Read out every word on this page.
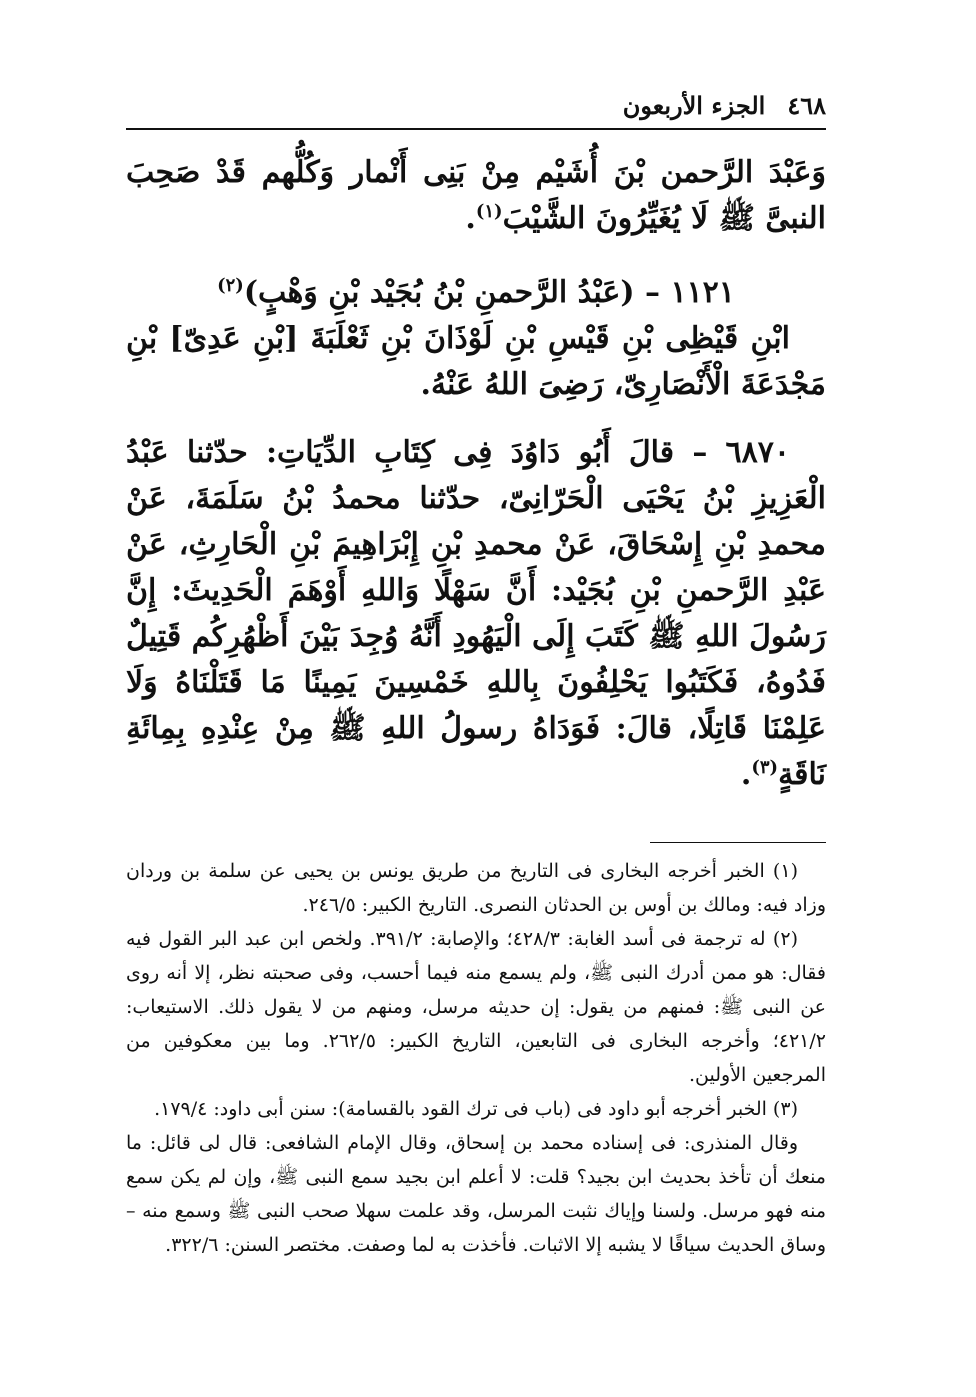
٤٦٨
الجزء الأربعون

وَعَبْدَ الرَّحمن بْنَ أُشَيْم مِنْ بَنِى أَنْمار وَكُلُّهم قَدْ صَحِبَ النبىَّ ﷺ لَا يُغَيِّرُونَ الشَّيْبَ$^{(١)}$.

١١٢١ – (عَبْدُ الرَّحمنِ بْنُ بُجَيْد بْنِ وَهْبٍ)$^{(٢)}$

ابْنِ قَيْظِى بْنِ قَيْسِ بْنِ لَوْذَانَ بْنِ ثَعْلَبَةَ [بْنِ عَدِىّ] بْنِ مَجْدَعَةَ الْأَنْصَارِىّ، رَضِىَ اللهُ عَنْهُ.

٦٨٧٠ – قالَ أَبُو دَاوُدَ فِى كِتَابِ الدِّيَاتِ: حدّثنا عَبْدُ الْعَزِيزِ بْنُ يَحْيَى الْحَرّانِىّ، حدّثنا محمدُ بْنُ سَلَمَةَ، عَنْ محمدِ بْنِ إِسْحَاقَ، عَنْ محمدِ بْنِ إِبْرَاهِيمَ بْنِ الْحَارِثِ، عَنْ عَبْدِ الرَّحمنِ بْنِ بُجَيْد: أَنَّ سَهْلًا وَاللهِ أَوْهَمَ الْحَدِيثَ: إِنَّ رَسُولَ اللهِ ﷺ كَتَبَ إِلَى الْيَهُودِ أَنَّهُ وُجِدَ بَيْنَ أَظْهُرِكُم قَتِيلٌ فَدُوهُ، فَكَتَبُوا يَحْلِفُونَ بِاللهِ خَمْسِينَ يَمِينًا مَا قَتَلْنَاهُ وَلَا عَلِمْنَا قَاتِلًا، قالَ: فَوَدَاهُ رسولُ اللهِ ﷺ مِنْ عِنْدِهِ بِمِائَةِ نَاقَةٍ$^{(٣)}$.

(١) الخبر أخرجه البخارى فى التاريخ من طريق يونس بن يحيى عن سلمة بن وردان وزاد فيه: ومالك بن أوس بن الحدثان النصرى. التاريخ الكبير: ٢٤٦/٥.

(٢) له ترجمة فى أسد الغابة: ٤٢٨/٣؛ والإصابة: ٣٩١/٢. ولخص ابن عبد البر القول فيه فقال: هو ممن أدرك النبى ﷺ، ولم يسمع منه فيما أحسب، وفى صحبته نظر، إلا أنه روى عن النبى ﷺ: فمنهم من يقول: إن حديثه مرسل، ومنهم من لا يقول ذلك. الاستيعاب: ٤٢١/٢؛ وأخرجه البخارى فى التابعين، التاريخ الكبير: ٢٦٢/٥. وما بين معكوفين من المرجعين الأولين.

(٣) الخبر أخرجه أبو داود فى (باب فى ترك القود بالقسامة): سنن أبى داود: ١٧٩/٤.

وقال المنذرى: فى إسناده محمد بن إسحاق، وقال الإمام الشافعى: قال لى قائل: ما منعك أن تأخذ بحديث ابن بجيد؟ قلت: لا أعلم ابن بجيد سمع النبى ﷺ، وإن لم يكن سمع منه فهو مرسل. ولسنا وإياك نثبت المرسل، وقد علمت سهلا صحب النبى ﷺ وسمع منه – وساق الحديث سياقًا لا يشبه إلا الاثبات. فأخذت به لما وصفت. مختصر السنن: ٣٢٢/٦.
